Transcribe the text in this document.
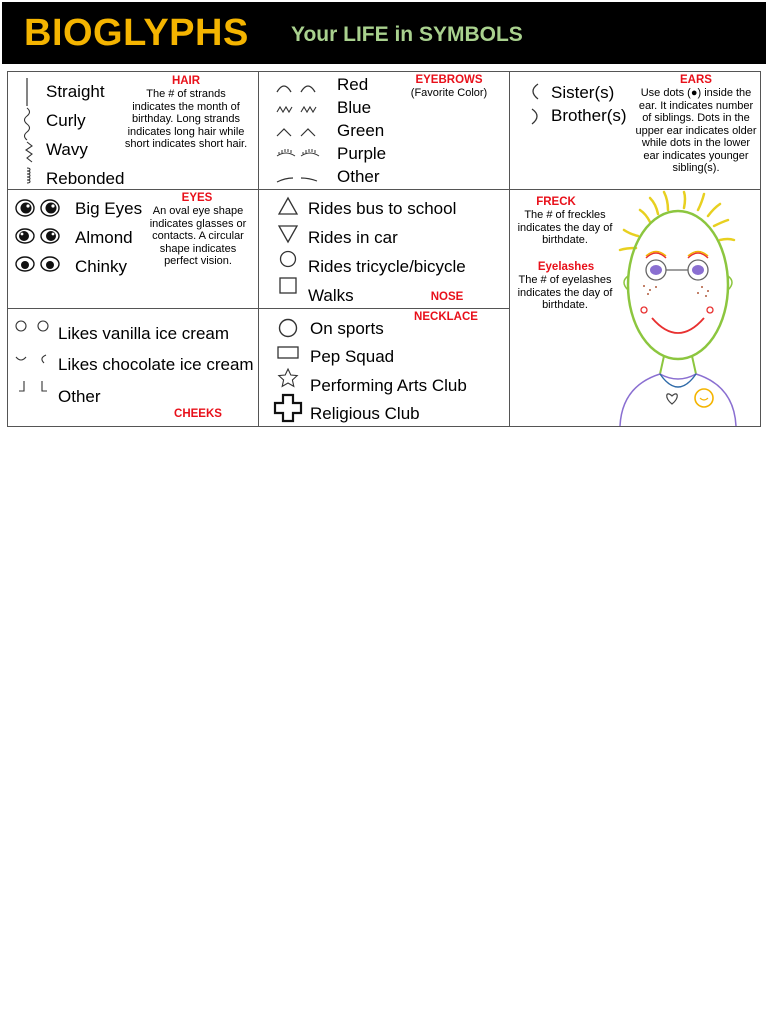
BIOGLYPHS Your LIFE in SYMBOLS
Straight
Curly
Wavy
Rebonded
HAIR
The # of strands indicates the month of birthday. Long strands indicates long hair while short indicates short hair.
Red
Blue
Green
Purple
Other
EYEBROWS
(Favorite Color)	Sister(s)
Brother(s)
EARS
Use dots (●) inside the ear. It indicates number of siblings. Dots in the upper ear indicates older while dots in the lower ear indicates younger sibling(s).
Big Eyes
Almond
Chinky
EYES
An oval eye shape indicates glasses or contacts. A circular shape indicates perfect vision.
Rides bus to school
Rides in car
Rides tricycle/bicycle
Walks	NOSE
FRECK
The # of freckles indicates the day of birthdate.
Eyelashes
The # of eyelashes indicates the day of birthdate.
Likes vanilla ice cream
Likes chocolate ice cream
Other
CHEEKS
On sports
Pep Squad
Performing Arts Club
Religious Club
NECKLACE
